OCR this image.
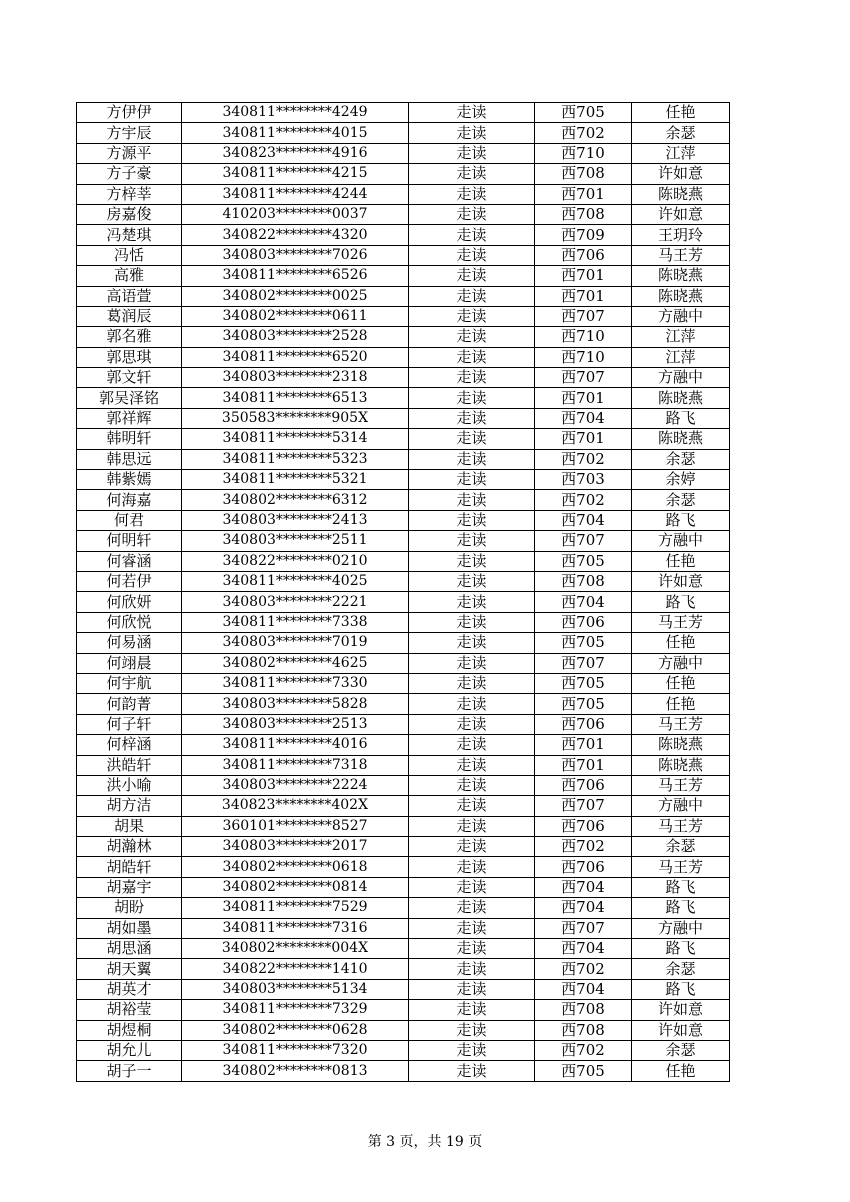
方伊伊	340811********4249	走读	西705	任艳
方宇辰	340811********4015	走读	西702	余瑟
方源平	340823********4916	走读	西710	江萍
方子豪	340811********4215	走读	西708	许如意
方梓莘	340811********4244	走读	西701	陈晓燕
房嘉俊	410203********0037	走读	西708	许如意
冯楚琪	340822********4320	走读	西709	王玥玲
冯恬	340803********7026	走读	西706	马王芳
高雅	340811********6526	走读	西701	陈晓燕
高语萱	340802********0025	走读	西701	陈晓燕
葛润辰	340802********0611	走读	西707	方融中
郭名雅	340803********2528	走读	西710	江萍
郭思琪	340811********6520	走读	西710	江萍
郭文轩	340803********2318	走读	西707	方融中
郭吴泽铭	340811********6513	走读	西701	陈晓燕
郭祥辉	350583********905X	走读	西704	路飞
韩明轩	340811********5314	走读	西701	陈晓燕
韩思远	340811********5323	走读	西702	余瑟
韩紫嫣	340811********5321	走读	西703	余婷
何海嘉	340802********6312	走读	西702	余瑟
何君	340803********2413	走读	西704	路飞
何明轩	340803********2511	走读	西707	方融中
何睿涵	340822********0210	走读	西705	任艳
何若伊	340811********4025	走读	西708	许如意
何欣妍	340803********2221	走读	西704	路飞
何欣悦	340811********7338	走读	西706	马王芳
何易涵	340803********7019	走读	西705	任艳
何翊晨	340802********4625	走读	西707	方融中
何宇航	340811********7330	走读	西705	任艳
何韵菁	340803********5828	走读	西705	任艳
何子轩	340803********2513	走读	西706	马王芳
何梓涵	340811********4016	走读	西701	陈晓燕
洪皓轩	340811********7318	走读	西701	陈晓燕
洪小喻	340803********2224	走读	西706	马王芳
胡方洁	340823********402X	走读	西707	方融中
胡果	360101********8527	走读	西706	马王芳
胡瀚林	340803********2017	走读	西702	余瑟
胡皓轩	340802********0618	走读	西706	马王芳
胡嘉宇	340802********0814	走读	西704	路飞
胡盼	340811********7529	走读	西704	路飞
胡如墨	340811********7316	走读	西707	方融中
胡思涵	340802********004X	走读	西704	路飞
胡天翼	340822********1410	走读	西702	余瑟
胡英才	340803********5134	走读	西704	路飞
胡裕莹	340811********7329	走读	西708	许如意
胡煜桐	340802********0628	走读	西708	许如意
胡允儿	340811********7320	走读	西702	余瑟
胡子一	340802********0813	走读	西705	任艳
第 3 页，共 19 页
